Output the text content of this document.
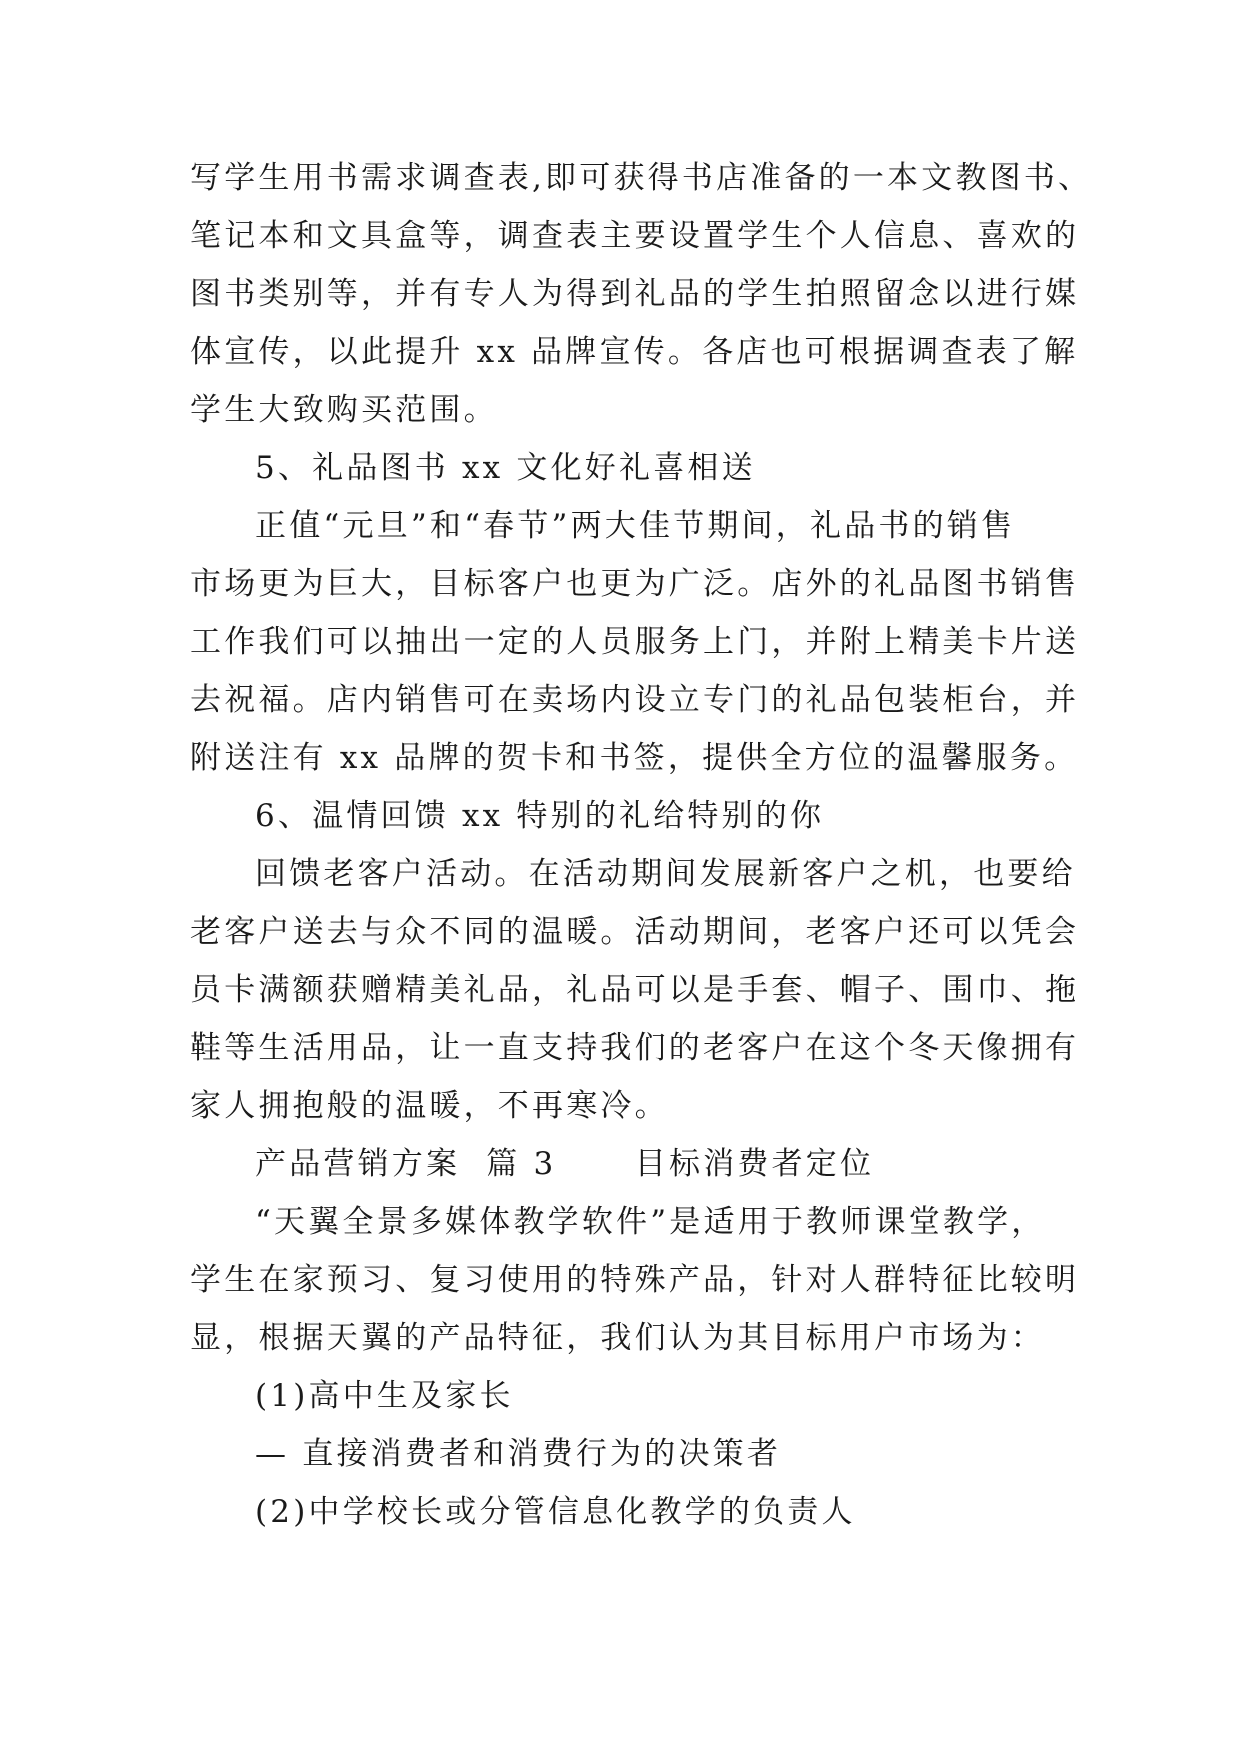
写学生用书需求调查表,即可获得书店准备的一本文教图书、
笔记本和文具盒等，调查表主要设置学生个人信息、喜欢的
图书类别等，并有专人为得到礼品的学生拍照留念以进行媒
体宣传，以此提升 xx 品牌宣传。各店也可根据调查表了解
学生大致购买范围。
5、礼品图书 xx 文化好礼喜相送
正值“元旦”和“春节”两大佳节期间，礼品书的销售
市场更为巨大，目标客户也更为广泛。店外的礼品图书销售
工作我们可以抽出一定的人员服务上门，并附上精美卡片送
去祝福。店内销售可在卖场内设立专门的礼品包装柜台，并
附送注有 xx 品牌的贺卡和书签，提供全方位的温馨服务。
6、温情回馈 xx 特别的礼给特别的你
回馈老客户活动。在活动期间发展新客户之机，也要给
老客户送去与众不同的温暖。活动期间，老客户还可以凭会
员卡满额获赠精美礼品，礼品可以是手套、帽子、围巾、拖
鞋等生活用品，让一直支持我们的老客户在这个冬天像拥有
家人拥抱般的温暖，不再寒冷。
产品营销方案  篇 3      目标消费者定位
“天翼全景多媒体教学软件”是适用于教师课堂教学，
学生在家预习、复习使用的特殊产品，针对人群特征比较明
显，根据天翼的产品特征，我们认为其目标用户市场为：
(1)高中生及家长
— 直接消费者和消费行为的决策者
(2)中学校长或分管信息化教学的负责人
